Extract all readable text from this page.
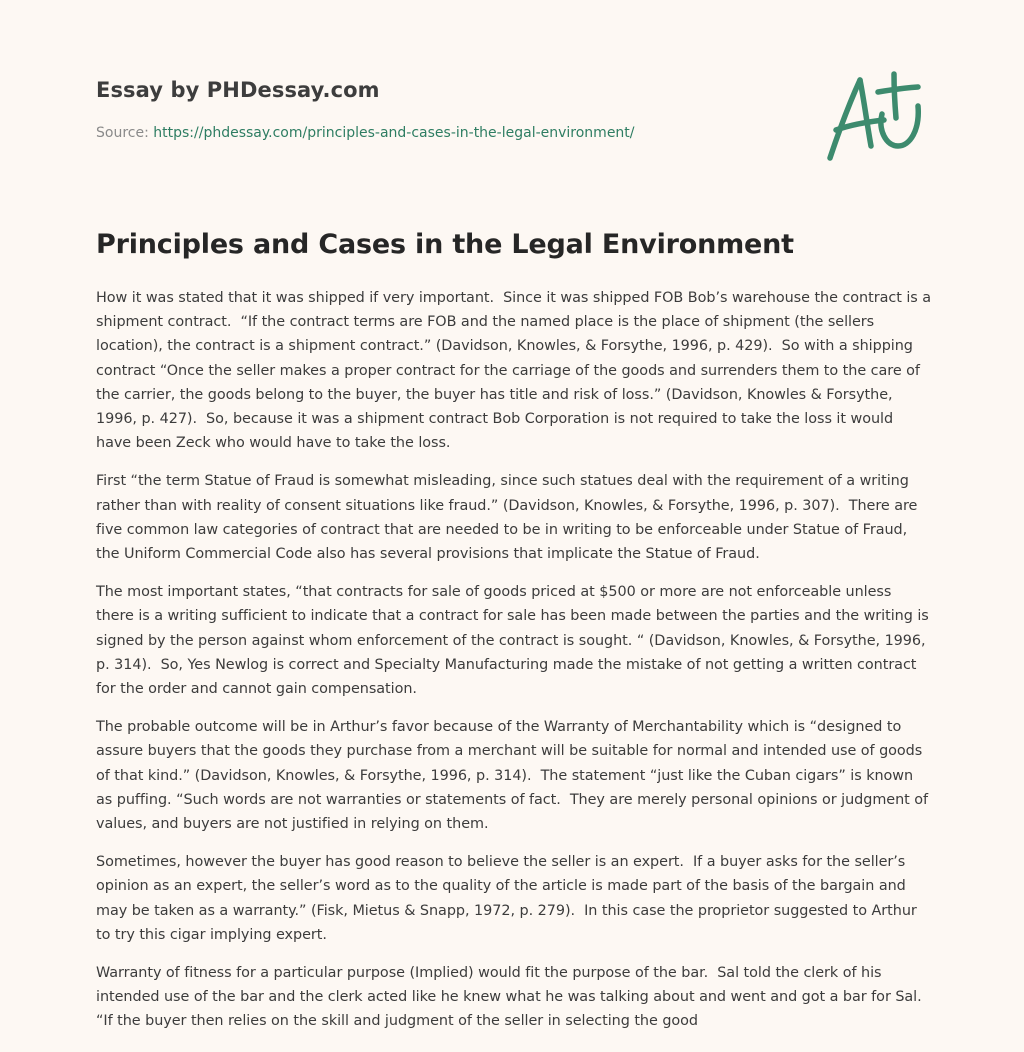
Essay by PHDessay.com
Source: https://phdessay.com/principles-and-cases-in-the-legal-environment/
Principles and Cases in the Legal Environment

How it was stated that it was shipped if very important.  Since it was shipped FOB Bob’s warehouse the contract is a shipment contract.  “If the contract terms are FOB and the named place is the place of shipment (the sellers location), the contract is a shipment contract.” (Davidson, Knowles, & Forsythe, 1996, p. 429).  So with a shipping contract “Once the seller makes a proper contract for the carriage of the goods and surrenders them to the care of the carrier, the goods belong to the buyer, the buyer has title and risk of loss.” (Davidson, Knowles & Forsythe, 1996, p. 427).  So, because it was a shipment contract Bob Corporation is not required to take the loss it would have been Zeck who would have to take the loss.

First “the term Statue of Fraud is somewhat misleading, since such statues deal with the requirement of a writing rather than with reality of consent situations like fraud.” (Davidson, Knowles, & Forsythe, 1996, p. 307).  There are five common law categories of contract that are needed to be in writing to be enforceable under Statue of Fraud, the Uniform Commercial Code also has several provisions that implicate the Statue of Fraud.

The most important states, “that contracts for sale of goods priced at $500 or more are not enforceable unless there is a writing sufficient to indicate that a contract for sale has been made between the parties and the writing is signed by the person against whom enforcement of the contract is sought. “ (Davidson, Knowles, & Forsythe, 1996, p. 314).  So, Yes Newlog is correct and Specialty Manufacturing made the mistake of not getting a written contract for the order and cannot gain compensation.

The probable outcome will be in Arthur’s favor because of the Warranty of Merchantability which is “designed to assure buyers that the goods they purchase from a merchant will be suitable for normal and intended use of goods of that kind.” (Davidson, Knowles, & Forsythe, 1996, p. 314).  The statement “just like the Cuban cigars” is known as puffing. “Such words are not warranties or statements of fact.  They are merely personal opinions or judgment of values, and buyers are not justified in relying on them.

Sometimes, however the buyer has good reason to believe the seller is an expert.  If a buyer asks for the seller’s opinion as an expert, the seller’s word as to the quality of the article is made part of the basis of the bargain and may be taken as a warranty.” (Fisk, Mietus & Snapp, 1972, p. 279).  In this case the proprietor suggested to Arthur to try this cigar implying expert.

Warranty of fitness for a particular purpose (Implied) would fit the purpose of the bar.  Sal told the clerk of his intended use of the bar and the clerk acted like he knew what he was talking about and went and got a bar for Sal.  “If the buyer then relies on the skill and judgment of the seller in selecting the good
